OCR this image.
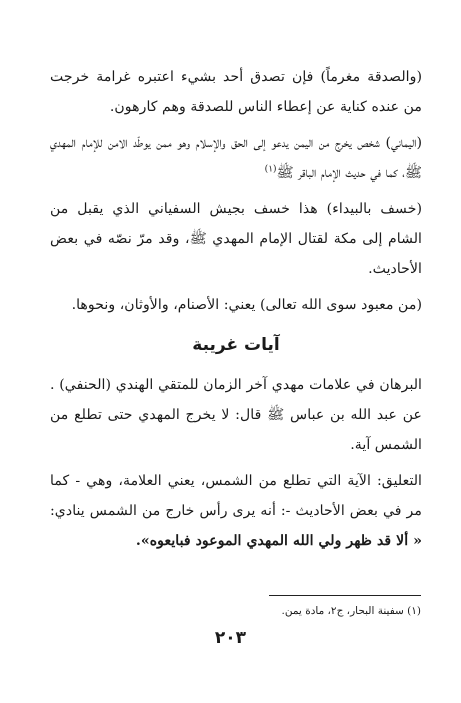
(والصدقة مغرماً) فإن تصدق أحد بشيء اعتبره غرامة خرجت من عنده كناية عن إعطاء الناس للصدقة وهم كارهون.

(اليماني) شخص يخرج من اليمن يدعو إلى الحق والإسلام وهو ممن يوطّد الامن للإمام المهدي ﷺ، كما في حديث الإمام الباقر ﷺ$^{(١)}$

(خسف بالبيداء) هذا خسف بجيش السفياني الذي يقبل من الشام إلى مكة لقتال الإمام المهدي ﷺ، وقد مرّ نصّه في بعض الأحاديث.

(من معبود سوى الله تعالى) يعني: الأصنام، والأوثان، ونحوها.

آيات غريبة

البرهان في علامات مهدي آخر الزمان للمتقي الهندي (الحنفي) . عن عبد الله بن عباس ﷺ قال: لا يخرج المهدي حتى تطلع من الشمس آية.

التعليق: الآية التي تطلع من الشمس، يعني العلامة، وهي - كما مر في بعض الأحاديث -: أنه يرى رأس خارج من الشمس ينادي: « ألا قد ظهر ولي الله المهدي الموعود فبايعوه».

(١) سفينة البحار، ج٢، مادة يمن.
٢٠٣
